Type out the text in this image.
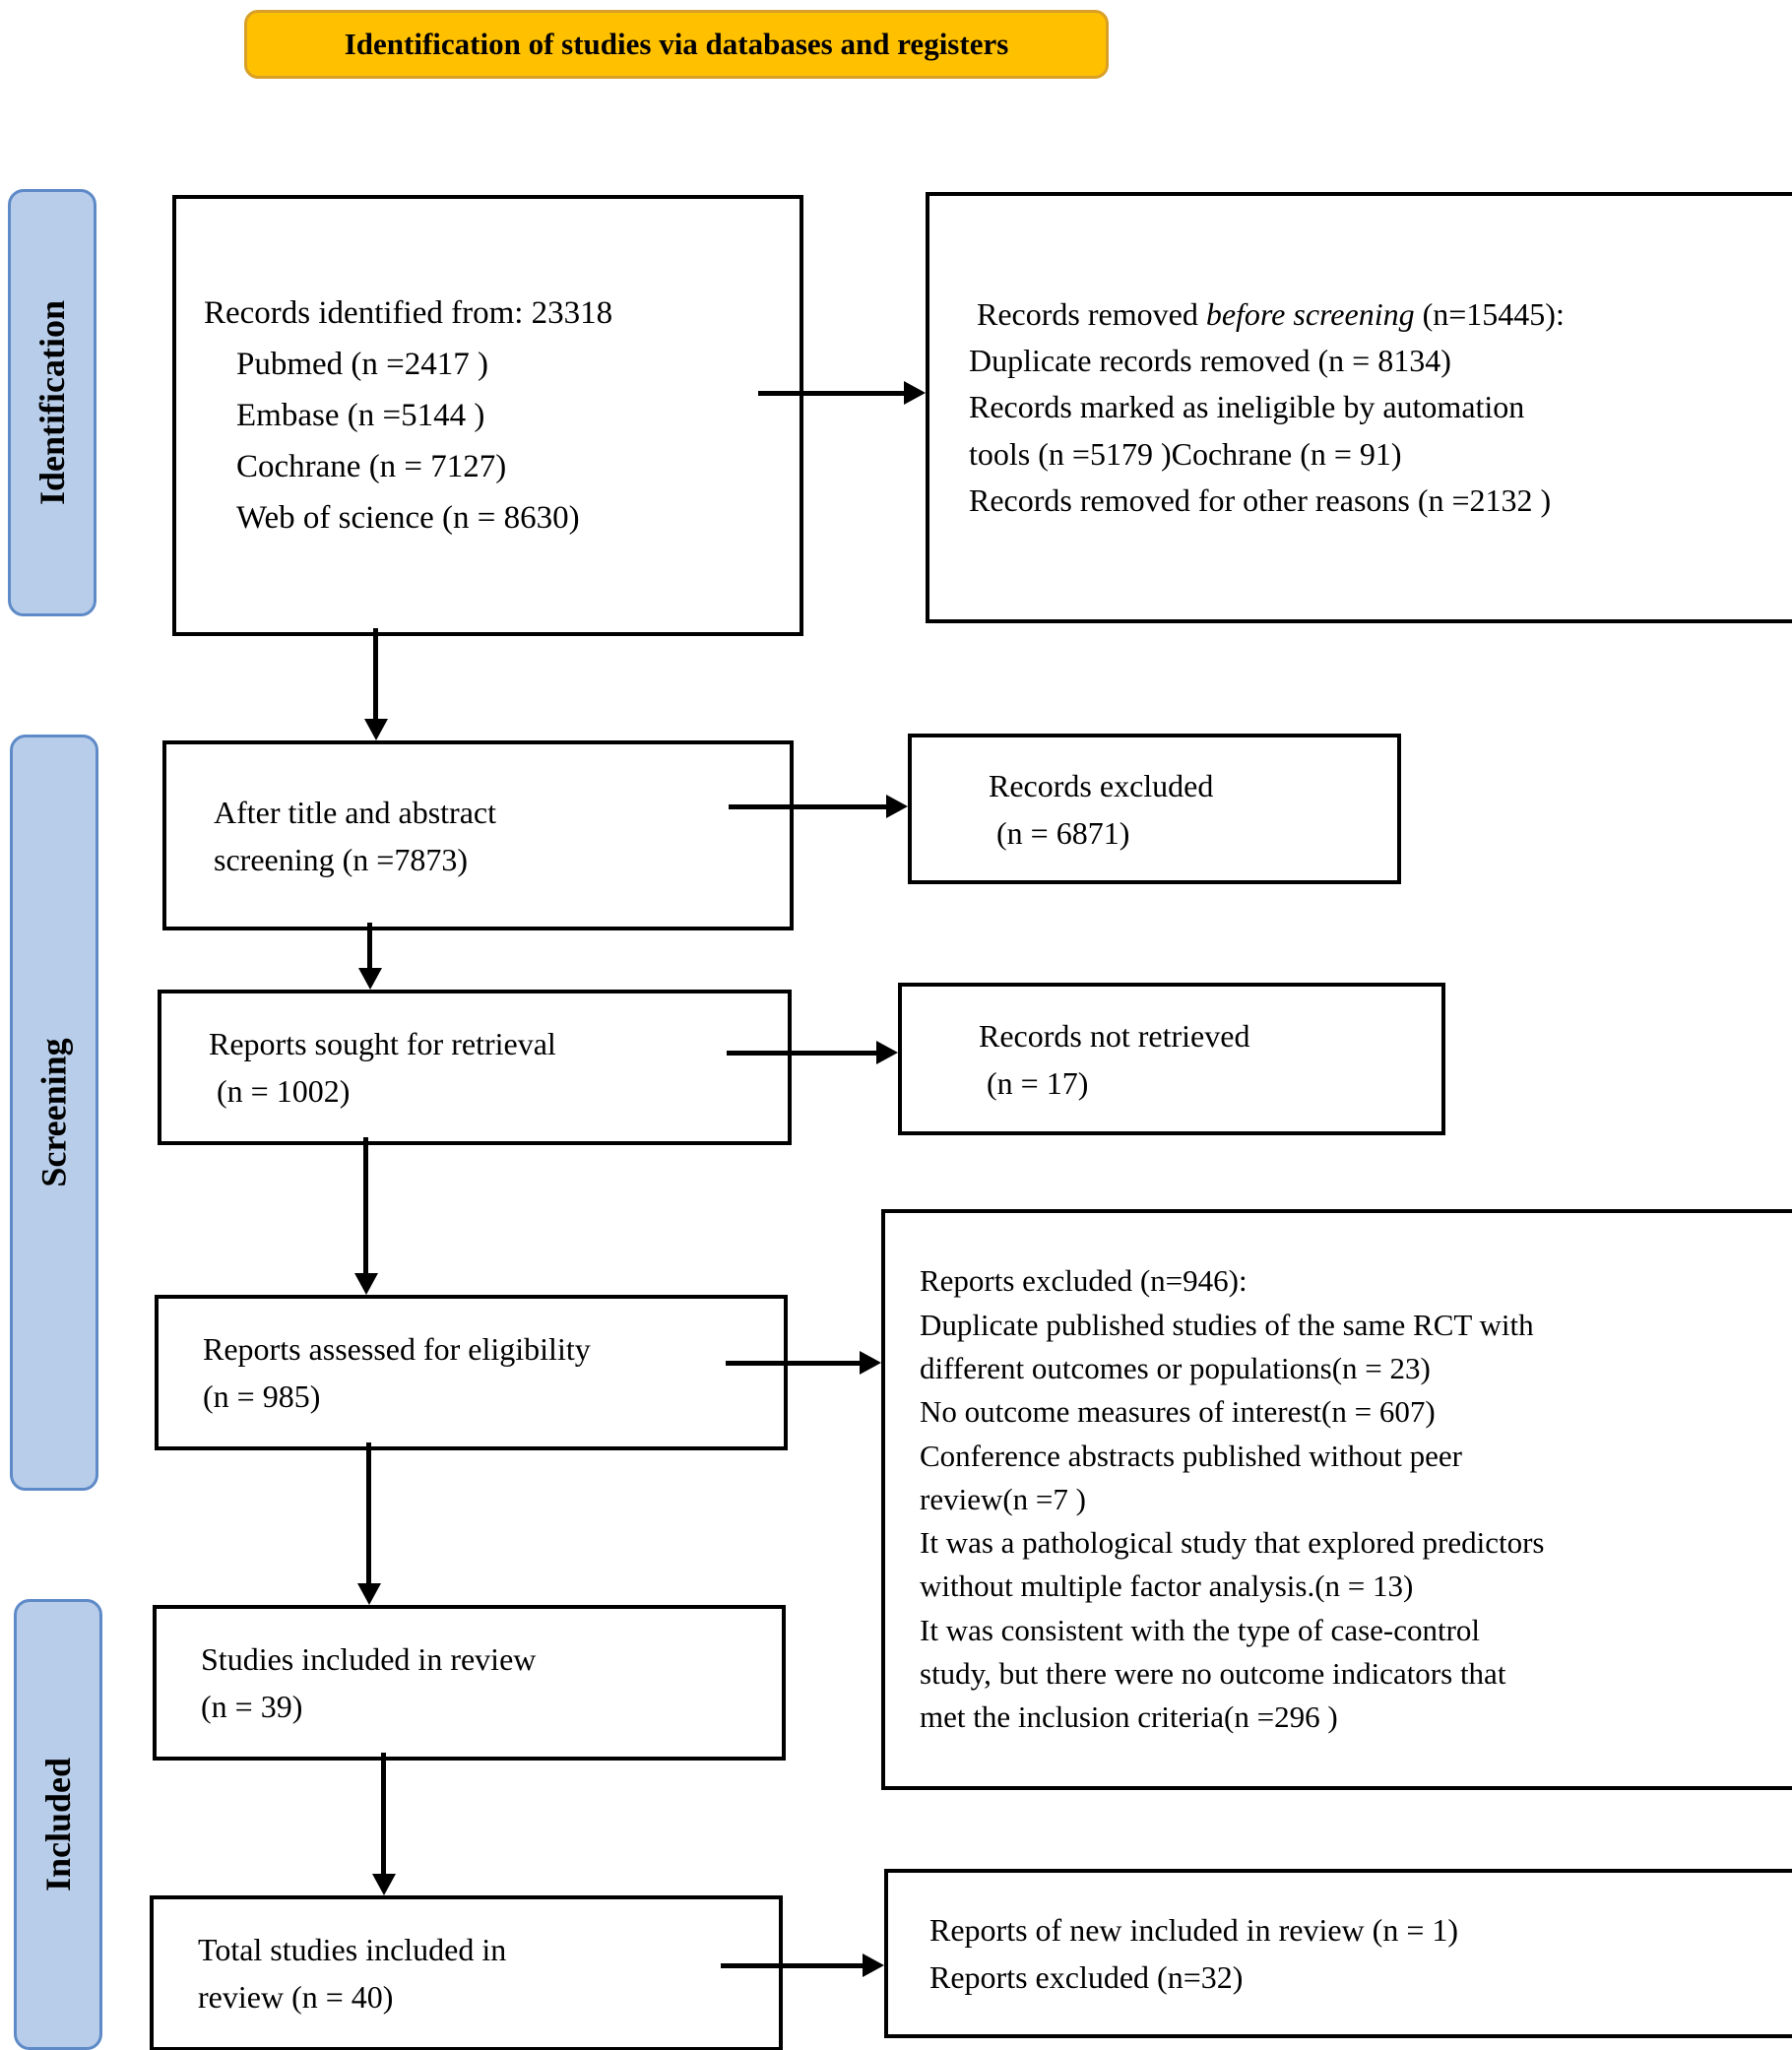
Identification of studies via databases and registers
Identification
Screening
Included
Records identified from: 23318
Pubmed (n =2417 )
Embase (n =5144 )
Cochrane (n = 7127)
Web of science (n = 8630)
Records removed before screening (n=15445):
Duplicate records removed (n = 8134)
Records marked as ineligible by automation
tools (n =5179 )Cochrane (n = 91)
Records removed for other reasons (n =2132 )
After title and abstract
screening (n =7873)
Records excluded
(n = 6871)
Reports sought for retrieval
(n = 1002)
Records not retrieved
(n = 17)
Reports assessed for eligibility
(n = 985)
Reports excluded (n=946):
Duplicate published studies of the same RCT with
different outcomes or populations(n = 23)
No outcome measures of interest(n = 607)
Conference abstracts published without peer
review(n =7 )
It was a pathological study that explored predictors
without multiple factor analysis.(n = 13)
It was consistent with the type of case-control
study, but there were no outcome indicators that
met the inclusion criteria(n =296 )
Studies included in review
(n = 39)
Total studies included in
review (n = 40)
Reports of new included in review (n = 1)
Reports excluded (n=32)
